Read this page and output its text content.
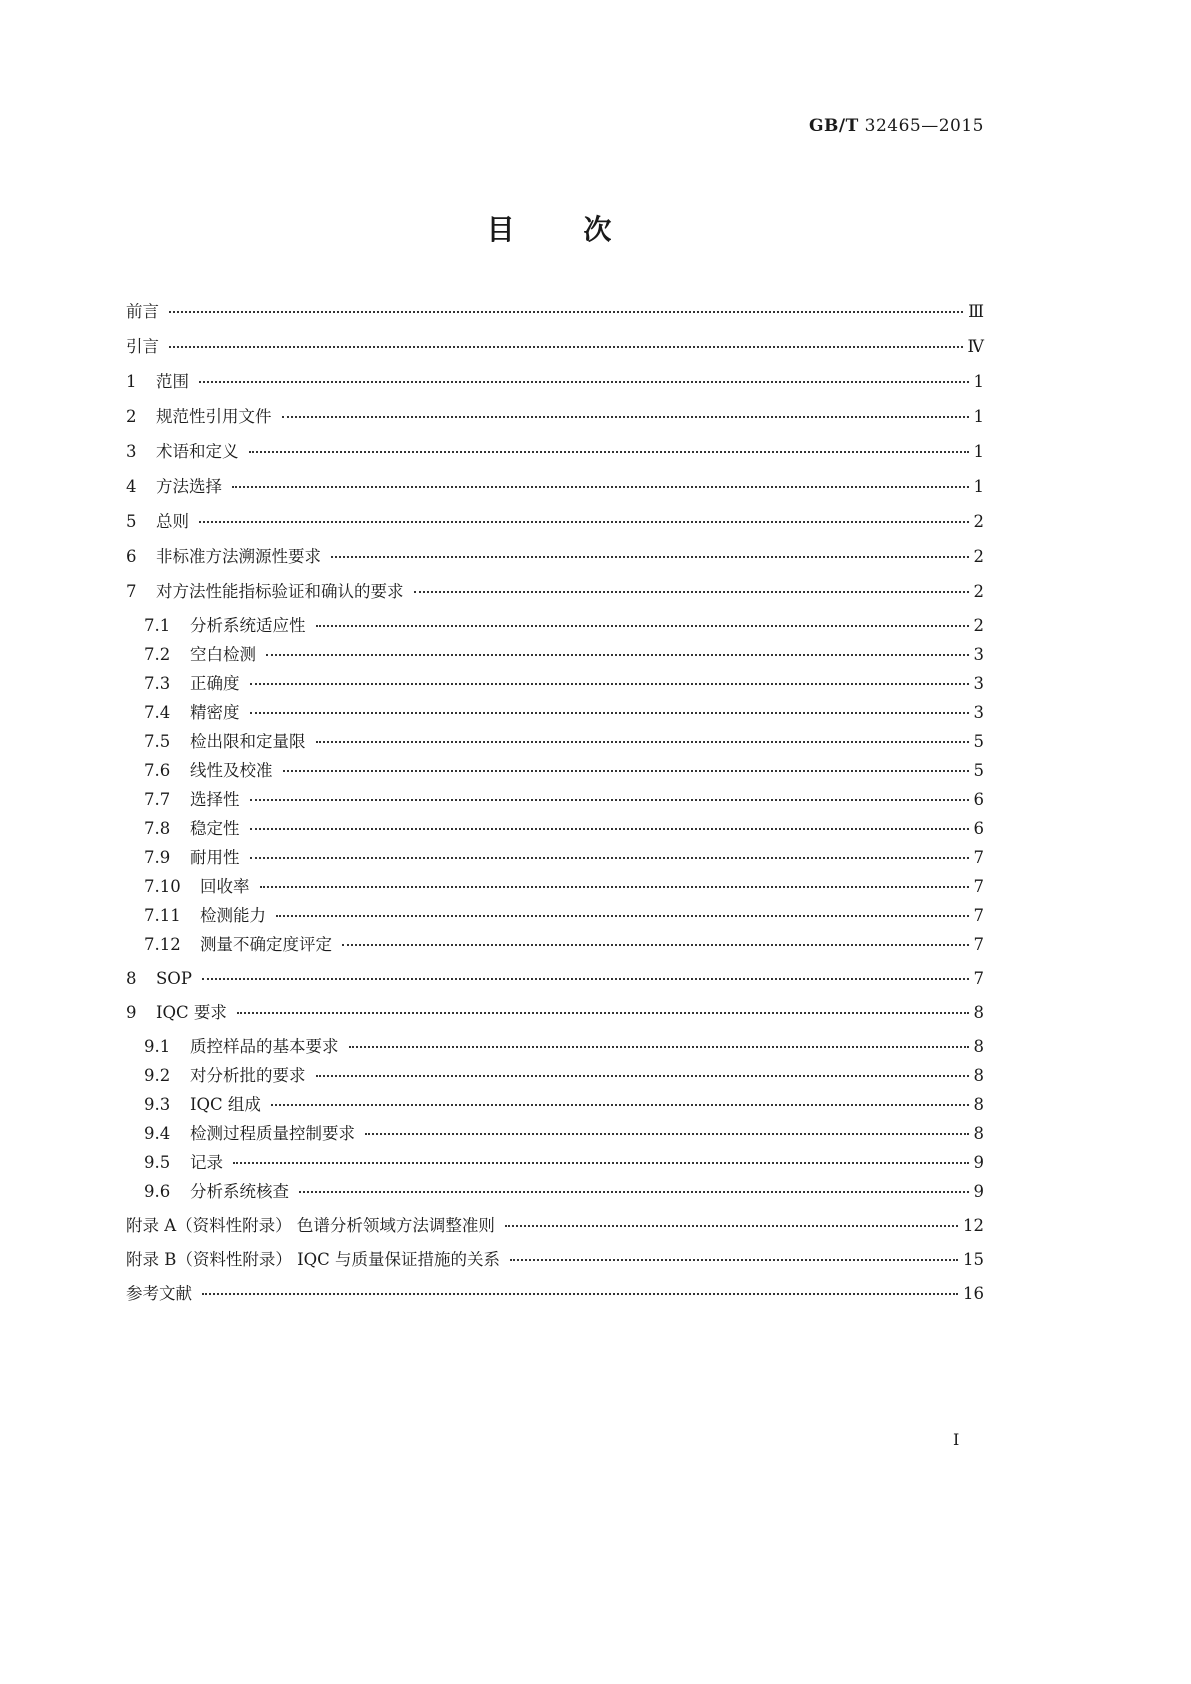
GB/T 32465—2015
目 次
前言	Ⅲ
引言	Ⅳ
1	范围	1
2	规范性引用文件	1
3	术语和定义	1
4	方法选择	1
5	总则	2
6	非标准方法溯源性要求	2
7	对方法性能指标验证和确认的要求	2
7.1	分析系统适应性	2
7.2	空白检测	3
7.3	正确度	3
7.4	精密度	3
7.5	检出限和定量限	5
7.6	线性及校准	5
7.7	选择性	6
7.8	稳定性	6
7.9	耐用性	7
7.10	回收率	7
7.11	检测能力	7
7.12	测量不确定度评定	7
8	SOP	7
9	IQC 要求	8
9.1	质控样品的基本要求	8
9.2	对分析批的要求	8
9.3	IQC 组成	8
9.4	检测过程质量控制要求	8
9.5	记录	9
9.6	分析系统核查	9
附录 A（资料性附录） 色谱分析领域方法调整准则	12
附录 B（资料性附录） IQC 与质量保证措施的关系	15
参考文献	16
I
